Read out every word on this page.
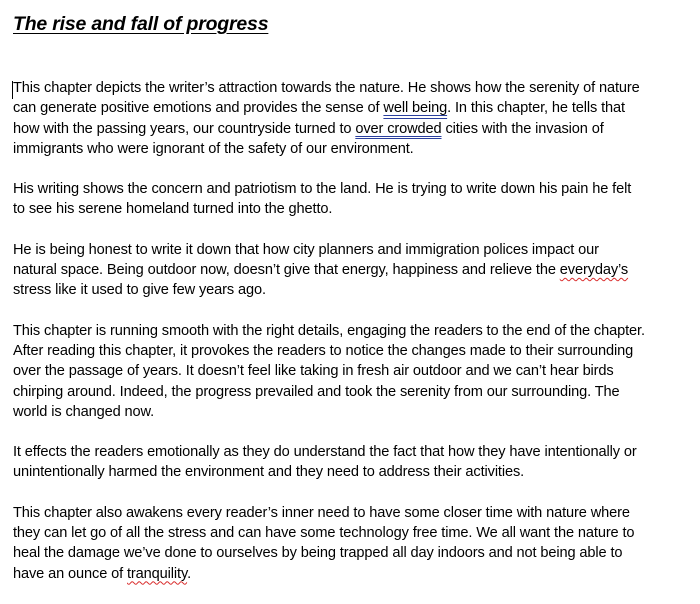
The rise and fall of progress

This chapter depicts the writer’s attraction towards the nature. He shows how the serenity of nature
can generate positive emotions and provides the sense of well being. In this chapter, he tells that
how with the passing years, our countryside turned to over crowded cities with the invasion of
immigrants who were ignorant of the safety of our environment.

His writing shows the concern and patriotism to the land. He is trying to write down his pain he felt
to see his serene homeland turned into the ghetto.

He is being honest to write it down that how city planners and immigration polices impact our
natural space. Being outdoor now, doesn’t give that energy, happiness and relieve the everyday’s
stress like it used to give few years ago.

This chapter is running smooth with the right details, engaging the readers to the end of the chapter.
After reading this chapter, it provokes the readers to notice the changes made to their surrounding
over the passage of years. It doesn’t feel like taking in fresh air outdoor and we can’t hear birds
chirping around. Indeed, the progress prevailed and took the serenity from our surrounding. The
world is changed now.

It effects the readers emotionally as they do understand the fact that how they have intentionally or
unintentionally harmed the environment and they need to address their activities.

This chapter also awakens every reader’s inner need to have some closer time with nature where
they can let go of all the stress and can have some technology free time. We all want the nature to
heal the damage we’ve done to ourselves by being trapped all day indoors and not being able to
have an ounce of tranquility.
